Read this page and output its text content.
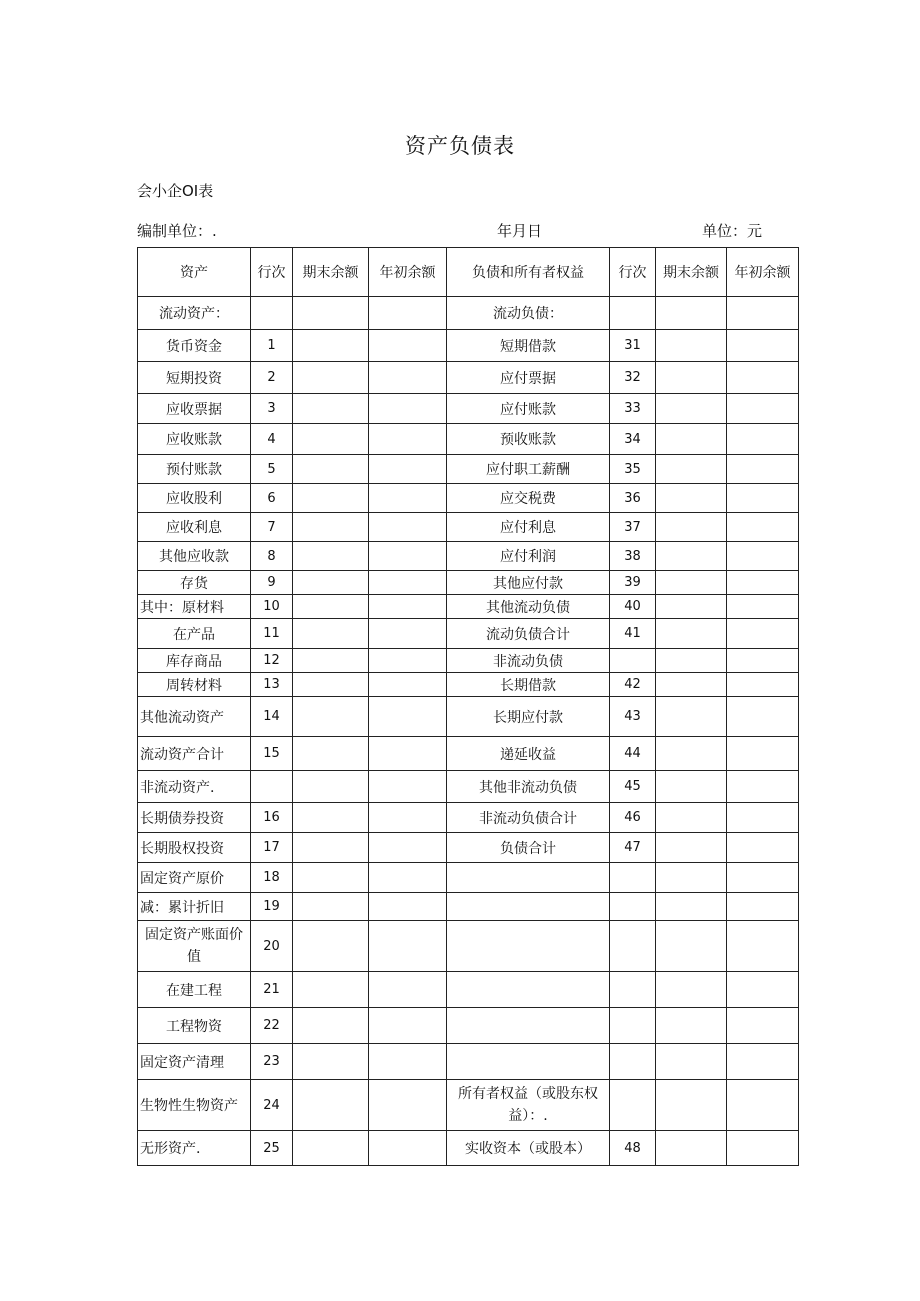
资产负债表
会小企OI表
编制单位：.	年月日	单位：元
资产	行次	期末余额	年初余额	负债和所有者权益	行次	期末余额	年初余额
流动资产：				流动负债：			
货币资金	1			短期借款	31		
短期投资	2			应付票据	32		
应收票据	3			应付账款	33		
应收账款	4			预收账款	34		
预付账款	5			应付职工薪酬	35		
应收股利	6			应交税费	36		
应收利息	7			应付利息	37		
其他应收款	8			应付利润	38		
存货	9			其他应付款	39		
其中：原材料	10			其他流动负债	40		
在产品	11			流动负债合计	41		
库存商品	12			非流动负债			
周转材料	13			长期借款	42		
其他流动资产	14			长期应付款	43		
流动资产合计	15			递延收益	44		
非流动资产.				其他非流动负债	45		
长期债券投资	16			非流动负债合计	46		
长期股权投资	17			负债合计	47		
固定资产原价	18						
减：累计折旧	19						
固定资产账面价值	20						
在建工程	21						
工程物资	22						
固定资产清理	23						
生物性生物资产	24			所有者权益（或股东权益）：.			
无形资产.	25			实收资本（或股本）	48		
